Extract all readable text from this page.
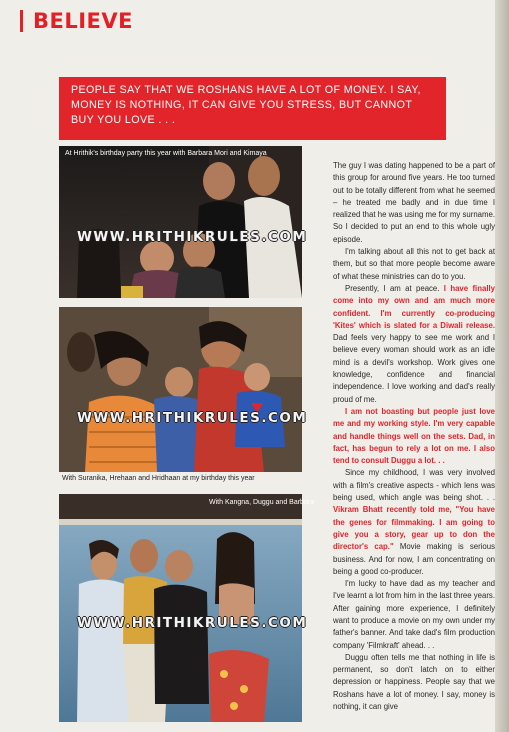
BELIEVE

PEOPLE SAY THAT WE ROSHANS HAVE A LOT OF MONEY. I SAY, MONEY IS NOTHING, IT CAN GIVE YOU STRESS, BUT CANNOT BUY YOU LOVE . . .

At Hrithik's birthday party this year with Barbara Mori and Kimaya
WWW.HRITHIKRULES.COM
WWW.HRITHIKRULES.COM
With Suranika, Hrehaan and Hridhaan at my birthday this year
With Kangna, Duggu and Barbara
WWW.HRITHIKRULES.COM

The guy I was dating happened to be a part of this group for around five years. He too turned out to be totally different from what he seemed – he treated me badly and in due time I realized that he was using me for my surname. So I decided to put an end to this whole ugly episode.

I'm talking about all this not to get back at them, but so that more people become aware of what these ministries can do to you.

Presently, I am at peace. I have finally come into my own and am much more confident. I'm currently co-producing 'Kites' which is slated for a Diwali release. Dad feels very happy to see me work and I believe every woman should work as an idle mind is a devil's workshop. Work gives one knowledge, confidence and financial independence. I love working and dad's really proud of me.

I am not boasting but people just love me and my working style. I'm very capable and handle things well on the sets. Dad, in fact, has begun to rely a lot on me. I also tend to consult Duggu a lot. . .

Since my childhood, I was very involved with a film's creative aspects - which lens was being used, which angle was being shot. . . Vikram Bhatt recently told me, "You have the genes for filmmaking. I am going to give you a story, gear up to don the director's cap." Movie making is serious business. And for now, I am concentrating on being a good co-producer.

I'm lucky to have dad as my teacher and I've learnt a lot from him in the last three years. After gaining more experience, I definitely want to produce a movie on my own under my father's banner. And take dad's film production company 'Filmkraft' ahead. . .

Duggu often tells me that nothing in life is permanent, so don't latch on to either depression or happiness. People say that we Roshans have a lot of money. I say, money is nothing, it can give
